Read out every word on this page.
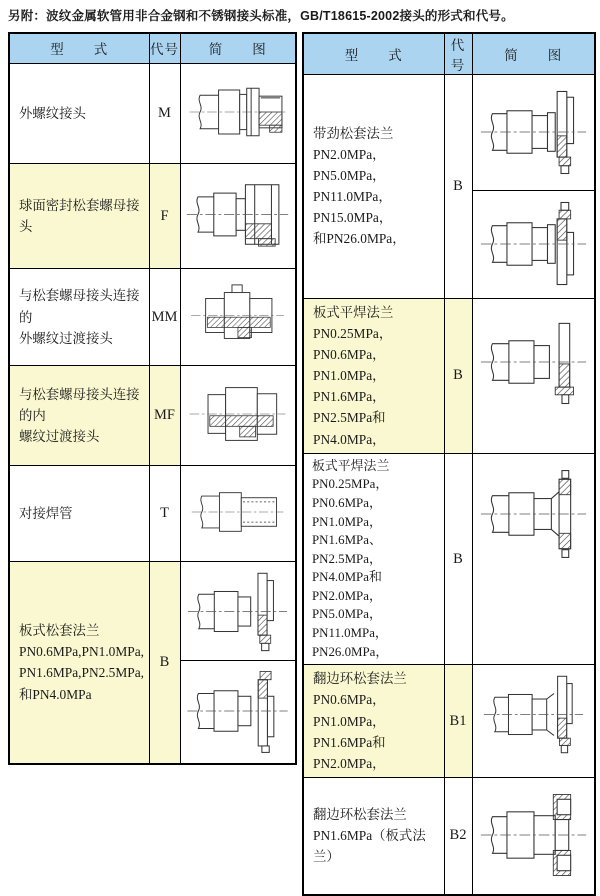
另附：波纹金属软管用非合金钢和不锈钢接头标准，GB/T18615-2002接头的形式和代号。
型　　式	代号	简　　图

外螺纹接头	M	

球面密封松套螺母接头	F	

与松套螺母接头连接的
外螺纹过渡接头	MM	

与松套螺母接头连接的内
螺纹过渡接头	MF	

对接焊管	T	

板式松套法兰
PN0.6MPa,PN1.0MPa,
PN1.6MPa,PN2.5MPa,
和PN4.0MPa	B	
型　　式	代号	简　　图

带劲松套法兰
PN2.0MPa， PN5.0MPa，
PN11.0MPa， PN15.0MPa，
和PN26.0MPa，	B	

板式平焊法兰
PN0.25MPa， PN0.6MPa，
PN1.0MPa， PN1.6MPa，
PN2.5MPa和PN4.0MPa，	B	

板式平焊法兰
PN0.25MPa， PN0.6MPa，
PN1.0MPa， PN1.6MPa、
PN2.5MPa， PN4.0MPa和
PN2.0MPa， PN5.0MPa，
PN11.0MPa， PN26.0MPa，
	B	

翻边环松套法兰
PN0.6MPa， PN1.0MPa，
PN1.6MPa和PN2.0MPa，	B1	

翻边环松套法兰
PN1.6MPa（板式法兰）	B2	
